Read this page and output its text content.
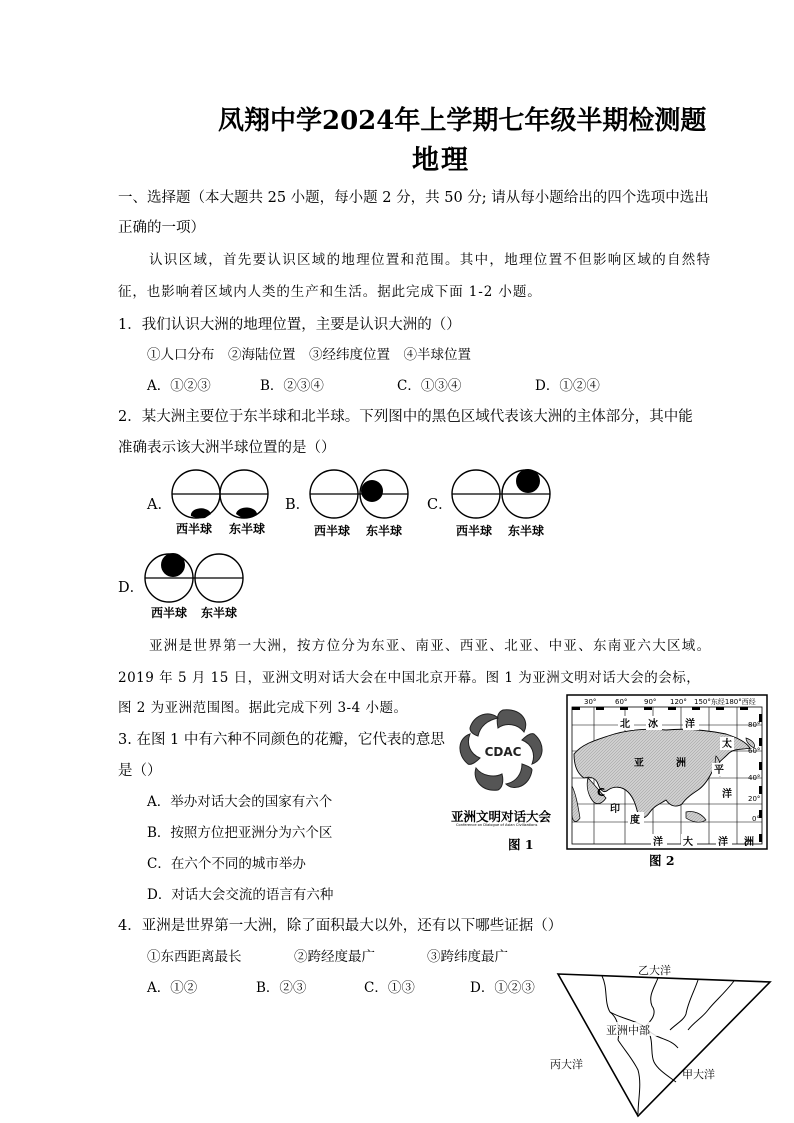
凤翔中学2024年上学期七年级半期检测题
地理
一、选择题（本大题共 25 小题，每小题 2 分，共 50 分; 请从每小题给出的四个选项中选出
正确的一项）
认识区域，首先要认识区域的地理位置和范围。其中，地理位置不但影响区域的自然特
征，也影响着区域内人类的生产和生活。据此完成下面 1-2 小题。
1．我们认识大洲的地理位置，主要是认识大洲的（）
①人口分布　②海陆位置　③经纬度位置　④半球位置
A．①②③	B．②③④	C．①③④	D．①②④
2．某大洲主要位于东半球和北半球。下列图中的黑色区域代表该大洲的主体部分，其中能
准确表示该大洲半球位置的是（）
A．
西半球 东半球
B．
西半球 东半球
C．
西半球 东半球
D．
西半球 东半球
亚洲是世界第一大洲，按方位分为东亚、南亚、西亚、北亚、中亚、东南亚六大区域。
2019 年 5 月 15 日，亚洲文明对话大会在中国北京开幕。图 1 为亚洲文明对话大会的会标，
图 2 为亚洲范围图。据此完成下列 3-4 小题。
3. 在图 1 中有六种不同颜色的花瓣，它代表的意思
是（）
A．举办对话大会的国家有六个
B．按照方位把亚洲分为六个区
C．在六个不同的城市举办
D．对话大会交流的语言有六种
CDAC
亚洲文明对话大会
Conference on Dialogue of Asian Civilizations
图 1
30°	60° 90° 120° 150°东经180°西经
80°
60°
40°
20°
0°
北 冰	洋
亚	洲
太
平
洋
印
度
洋 大	洋 洲
C
图 2
4．亚洲是世界第一大洲，除了面积最大以外，还有以下哪些证据（）
①东西距离最长	②跨经度最广	③跨纬度最广
A．①②	B．②③	C．①③	D．①②③
乙大洋
亚洲中部
丙大洋
甲大洋
